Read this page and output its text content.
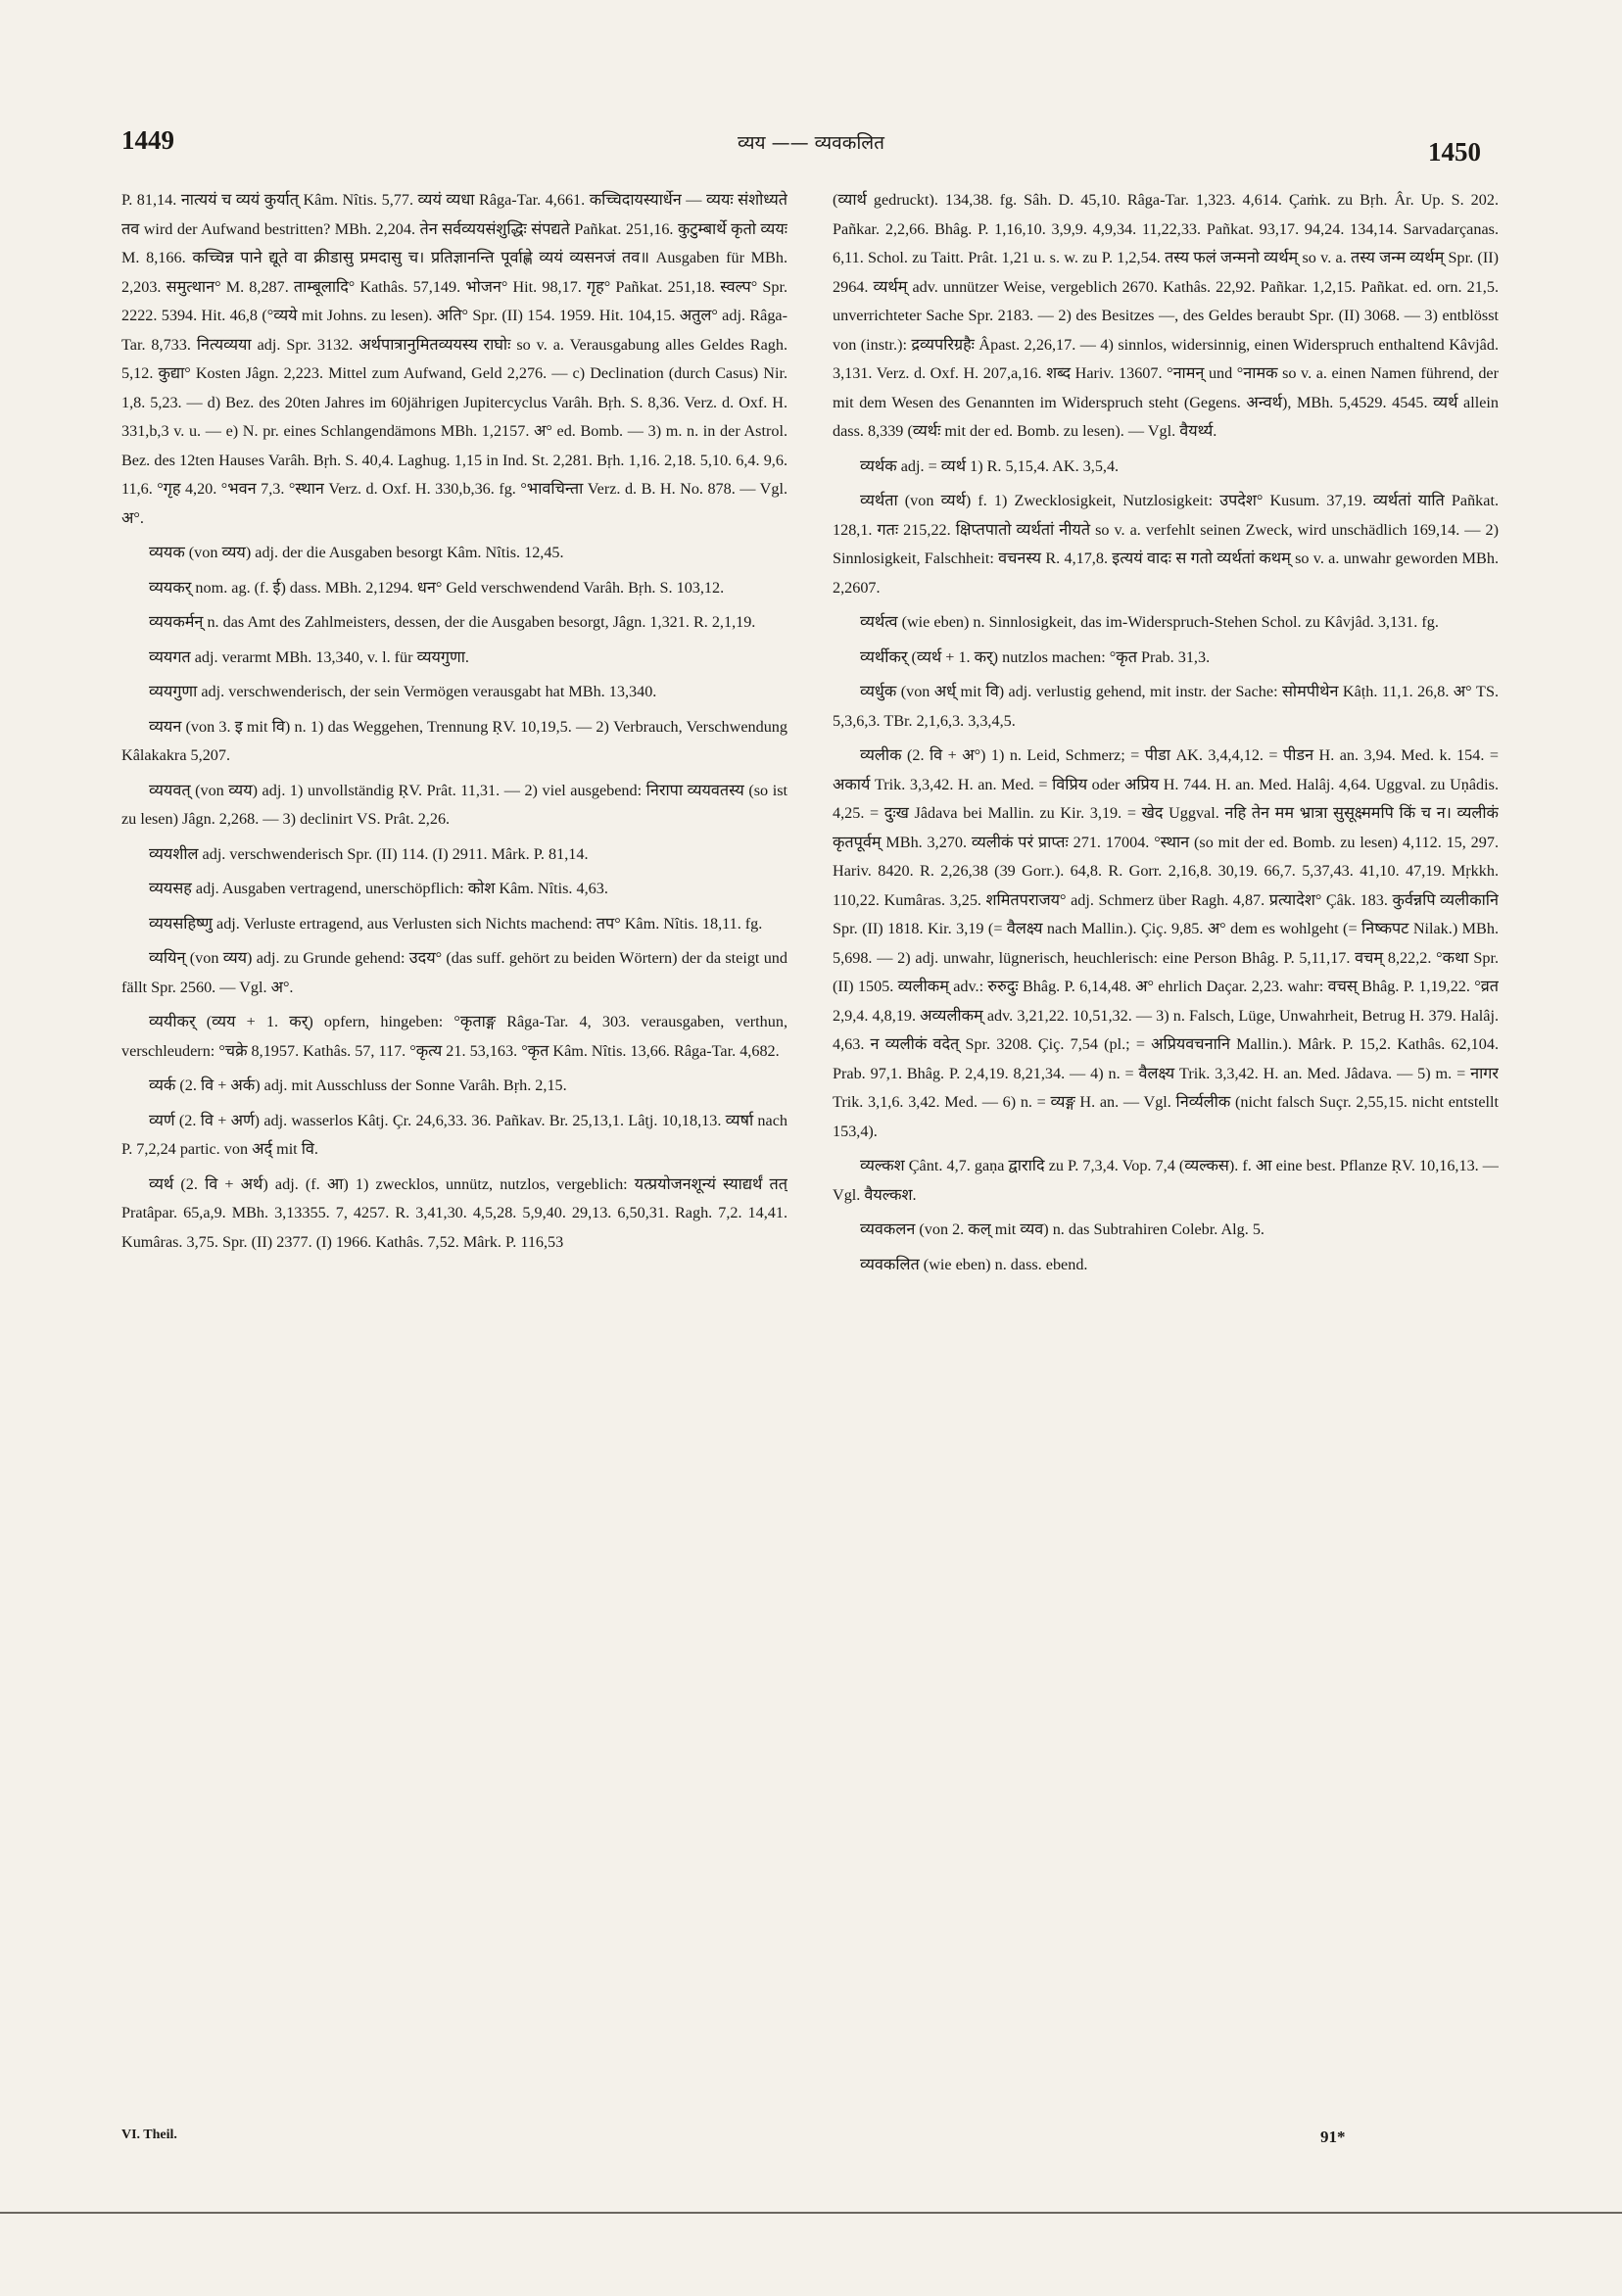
1449	व्यय —— व्यवकलित	1450

P. 81,14. नात्ययं च व्ययं कुर्यात् Kâm. Nîtis. 5,77. व्ययं व्यधा Râga-Tar. 4,661. कच्चिदायस्यार्धेन — व्ययः संशोध्यते तव wird der Aufwand bestritten? MBh. 2,204. तेन सर्वव्ययसंशुद्धिः संपद्यते Pañkat. 251,16. कुटुम्बार्थे कृतो व्ययः M. 8,166. कच्चिन्न पाने द्यूते वा क्रीडासु प्रमदासु च। प्रतिज्ञानन्ति पूर्वाह्णे व्ययं व्यसनजं तव॥ Ausgaben für MBh. 2,203. समुत्थान° M. 8,287. ताम्बूलादि° Kathâs. 57,149. भोजन° Hit. 98,17. गृह° Pañkat. 251,18. स्वल्प° Spr. 2222. 5394. Hit. 46,8 (°व्यये mit Johns. zu lesen). अति° Spr. (II) 154. 1959. Hit. 104,15. अतुल° adj. Râga-Tar. 8,733. नित्यव्यया adj. Spr. 3132. अर्थपात्रानुमितव्ययस्य राघोः so v. a. Verausgabung alles Geldes Ragh. 5,12. कुद्या° Kosten Jâgn. 2,223. Mittel zum Aufwand, Geld 2,276. — c) Declination (durch Casus) Nir. 1,8. 5,23. — d) Bez. des 20ten Jahres im 60jährigen Jupitercyclus Varâh. Bṛh. S. 8,36. Verz. d. Oxf. H. 331,b,3 v. u. — e) N. pr. eines Schlangendämons MBh. 1,2157. अ° ed. Bomb. — 3) m. n. in der Astrol. Bez. des 12ten Hauses Varâh. Bṛh. S. 40,4. Laghug. 1,15 in Ind. St. 2,281. Bṛh. 1,16. 2,18. 5,10. 6,4. 9,6. 11,6. °गृह 4,20. °भवन 7,3. °स्थान Verz. d. Oxf. H. 330,b,36. fg. °भावचिन्ता Verz. d. B. H. No. 878. — Vgl. अ°.

व्ययक (von व्यय) adj. der die Ausgaben besorgt Kâm. Nîtis. 12,45.

व्ययकर् nom. ag. (f. ई) dass. MBh. 2,1294. धन° Geld verschwendend Varâh. Bṛh. S. 103,12.

व्ययकर्मन् n. das Amt des Zahlmeisters, dessen, der die Ausgaben besorgt, Jâgn. 1,321. R. 2,1,19.

व्ययगत adj. verarmt MBh. 13,340, v. l. für व्ययगुणा.

व्ययगुणा adj. verschwenderisch, der sein Vermögen verausgabt hat MBh. 13,340.

व्ययन (von 3. इ mit वि) n. 1) das Weggehen, Trennung ṚV. 10,19,5. — 2) Verbrauch, Verschwendung Kâlakakra 5,207.

व्ययवत् (von व्यय) adj. 1) unvollständig ṚV. Prât. 11,31. — 2) viel ausgebend: निरापा व्ययवतस्य (so ist zu lesen) Jâgn. 2,268. — 3) declinirt VS. Prât. 2,26.

व्ययशील adj. verschwenderisch Spr. (II) 114. (I) 2911. Mârk. P. 81,14.

व्ययसह adj. Ausgaben vertragend, unerschöpflich: कोश Kâm. Nîtis. 4,63.

व्ययसहिष्णु adj. Verluste ertragend, aus Verlusten sich Nichts machend: तप° Kâm. Nîtis. 18,11. fg.

व्ययिन् (von व्यय) adj. zu Grunde gehend: उदय° (das suff. gehört zu beiden Wörtern) der da steigt und fällt Spr. 2560. — Vgl. अ°.

व्ययीकर् (व्यय + 1. कर्) opfern, hingeben: °कृताङ्ग Râga-Tar. 4, 303. verausgaben, verthun, verschleudern: °चक्रे 8,1957. Kathâs. 57, 117. °कृत्य 21. 53,163. °कृत Kâm. Nîtis. 13,66. Râga-Tar. 4,682.

व्यर्क (2. वि + अर्क) adj. mit Ausschluss der Sonne Varâh. Bṛh. 2,15.

व्यर्ण (2. वि + अर्ण) adj. wasserlos Kâtj. Çr. 24,6,33. 36. Pañkav. Br. 25,13,1. Lâṭj. 10,18,13. व्यर्षा nach P. 7,2,24 partic. von अर्द् mit वि.

व्यर्थ (2. वि + अर्थ) adj. (f. आ) 1) zwecklos, unnütz, nutzlos, vergeblich: यत्प्रयोजनशून्यं स्याद्यर्थं तत् Pratâpar. 65,a,9. MBh. 3,13355. 7, 4257. R. 3,41,30. 4,5,28. 5,9,40. 29,13. 6,50,31. Ragh. 7,2. 14,41. Kumâras. 3,75. Spr. (II) 2377. (I) 1966. Kathâs. 7,52. Mârk. P. 116,53

(व्यार्थ gedruckt). 134,38. fg. Sâh. D. 45,10. Râga-Tar. 1,323. 4,614. Çaṁk. zu Bṛh. Âr. Up. S. 202. Pañkar. 2,2,66. Bhâg. P. 1,16,10. 3,9,9. 4,9,34. 11,22,33. Pañkat. 93,17. 94,24. 134,14. Sarvadarçanas. 6,11. Schol. zu Taitt. Prât. 1,21 u. s. w. zu P. 1,2,54. तस्य फलं जन्मनो व्यर्थम् so v. a. तस्य जन्म व्यर्थम् Spr. (II) 2964. व्यर्थम् adv. unnützer Weise, vergeblich 2670. Kathâs. 22,92. Pañkar. 1,2,15. Pañkat. ed. orn. 21,5. unverrichteter Sache Spr. 2183. — 2) des Besitzes —, des Geldes beraubt Spr. (II) 3068. — 3) entblösst von (instr.): द्रव्यपरिग्रहैः Âpast. 2,26,17. — 4) sinnlos, widersinnig, einen Widerspruch enthaltend Kâvjâd. 3,131. Verz. d. Oxf. H. 207,a,16. शब्द Hariv. 13607. °नामन् und °नामक so v. a. einen Namen führend, der mit dem Wesen des Genannten im Widerspruch steht (Gegens. अन्वर्थ), MBh. 5,4529. 4545. व्यर्थ allein dass. 8,339 (व्यर्थः mit der ed. Bomb. zu lesen). — Vgl. वैयर्थ्य.

व्यर्थक adj. = व्यर्थ 1) R. 5,15,4. AK. 3,5,4.

व्यर्थता (von व्यर्थ) f. 1) Zwecklosigkeit, Nutzlosigkeit: उपदेश° Kusum. 37,19. व्यर्थतां याति Pañkat. 128,1. गतः 215,22. क्षिप्तपातो व्यर्थतां नीयते so v. a. verfehlt seinen Zweck, wird unschädlich 169,14. — 2) Sinnlosigkeit, Falschheit: वचनस्य R. 4,17,8. इत्ययं वादः स गतो व्यर्थतां कथम् so v. a. unwahr geworden MBh. 2,2607.

व्यर्थत्व (wie eben) n. Sinnlosigkeit, das im-Widerspruch-Stehen Schol. zu Kâvjâd. 3,131. fg.

व्यर्थीकर् (व्यर्थ + 1. कर्) nutzlos machen: °कृत Prab. 31,3.

व्यर्धुक (von अर्ध् mit वि) adj. verlustig gehend, mit instr. der Sache: सोमपीथेन Kâṭh. 11,1. 26,8. अ° TS. 5,3,6,3. TBr. 2,1,6,3. 3,3,4,5.

व्यलीक (2. वि + अ°) 1) n. Leid, Schmerz; = पीडा AK. 3,4,4,12. = पीडन H. an. 3,94. Med. k. 154. = अकार्य Trik. 3,3,42. H. an. Med. = विप्रिय oder अप्रिय H. 744. H. an. Med. Halâj. 4,64. Uggval. zu Uṇâdis. 4,25. = दुःख Jâdava bei Mallin. zu Kir. 3,19. = खेद Uggval. नहि तेन मम भ्रात्रा सुसूक्ष्ममपि किं च न। व्यलीकं कृतपूर्वम् MBh. 3,270. व्यलीकं परं प्राप्तः 271. 17004. °स्थान (so mit der ed. Bomb. zu lesen) 4,112. 15, 297. Hariv. 8420. R. 2,26,38 (39 Gorr.). 64,8. R. Gorr. 2,16,8. 30,19. 66,7. 5,37,43. 41,10. 47,19. Mṛkkh. 110,22. Kumâras. 3,25. शमितपराजय° adj. Schmerz über Ragh. 4,87. प्रत्यादेश° Çâk. 183. कुर्वन्नपि व्यलीकानि Spr. (II) 1818. Kir. 3,19 (= वैलक्ष्य nach Mallin.). Çiç. 9,85. अ° dem es wohlgeht (= निष्कपट Nilak.) MBh. 5,698. — 2) adj. unwahr, lügnerisch, heuchlerisch: eine Person Bhâg. P. 5,11,17. वचम् 8,22,2. °कथा Spr. (II) 1505. व्यलीकम् adv.: रुरुदुः Bhâg. P. 6,14,48. अ° ehrlich Daçar. 2,23. wahr: वचस् Bhâg. P. 1,19,22. °व्रत 2,9,4. 4,8,19. अव्यलीकम् adv. 3,21,22. 10,51,32. — 3) n. Falsch, Lüge, Unwahrheit, Betrug H. 379. Halâj. 4,63. न व्यलीकं वदेत् Spr. 3208. Çiç. 7,54 (pl.; = अप्रियवचनानि Mallin.). Mârk. P. 15,2. Kathâs. 62,104. Prab. 97,1. Bhâg. P. 2,4,19. 8,21,34. — 4) n. = वैलक्ष्य Trik. 3,3,42. H. an. Med. Jâdava. — 5) m. = नागर Trik. 3,1,6. 3,42. Med. — 6) n. = व्यङ्ग H. an. — Vgl. निर्व्यलीक (nicht falsch Suçr. 2,55,15. nicht entstellt 153,4).

व्यल्कश Çânt. 4,7. gaṇa द्वारादि zu P. 7,3,4. Vop. 7,4 (व्यल्कस). f. आ eine best. Pflanze ṚV. 10,16,13. — Vgl. वैयल्कश.

व्यवकलन (von 2. कल् mit व्यव) n. das Subtrahiren Colebr. Alg. 5.

व्यवकलित (wie eben) n. dass. ebend.

VI. Theil.	91*
